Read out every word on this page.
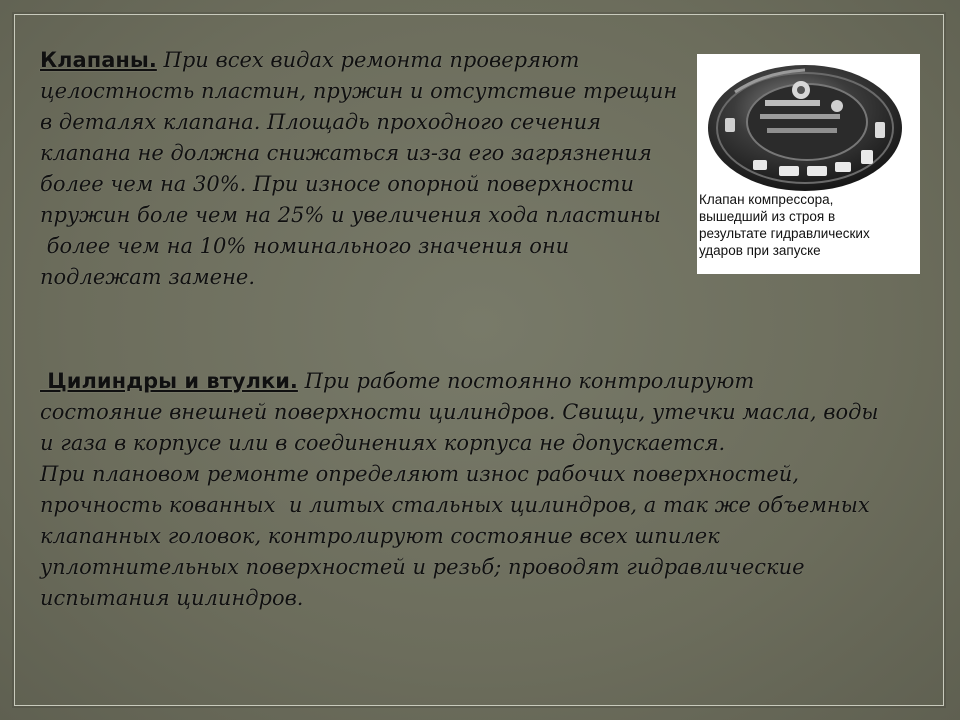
Клапаны. При всех видах ремонта проверяют
целостность пластин, пружин и отсутствие трещин
в деталях клапана. Площадь проходного сечения
клапана не должна снижаться из-за его загрязнения
более чем на 30%. При износе опорной поверхности
пружин боле чем на 25% и увеличения хода пластины
более чем на 10% номинального значения они
подлежат замене.
Клапан компрессора,
вышедший из строя в
результате гидравлических
ударов при запуске
Цилиндры и втулки. При работе постоянно контролируют
состояние внешней поверхности цилиндров. Свищи, утечки масла, воды
и газа в корпусе или в соединениях корпуса не допускается.
При плановом ремонте определяют износ рабочих поверхностей,
прочность кованных  и литых стальных цилиндров, а так же объемных
клапанных головок, контролируют состояние всех шпилек
уплотнительных поверхностей и резьб; проводят гидравлические
испытания цилиндров.
